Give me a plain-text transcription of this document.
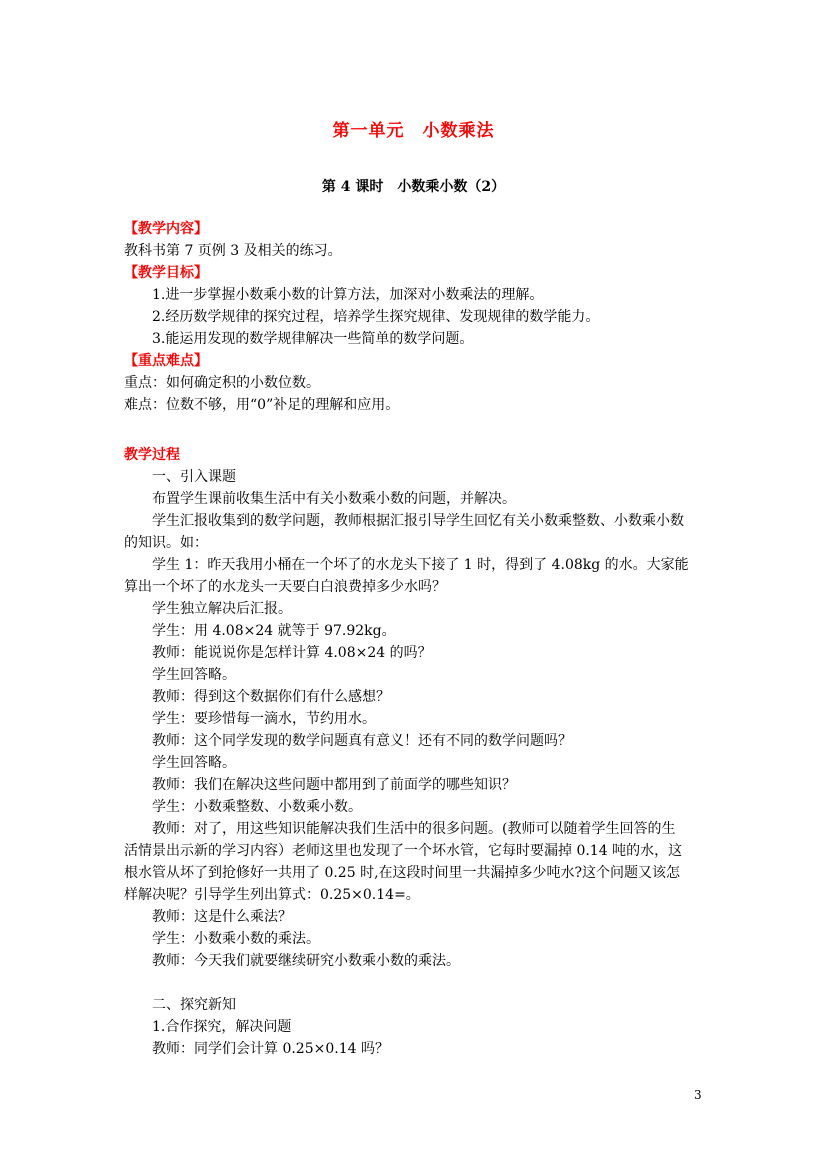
第一单元　小数乘法
第 4 课时　小数乘小数（2）
【教学内容】
教科书第 7 页例 3 及相关的练习。
【教学目标】
1.进一步掌握小数乘小数的计算方法，加深对小数乘法的理解。
2.经历数学规律的探究过程，培养学生探究规律、发现规律的数学能力。
3.能运用发现的数学规律解决一些简单的数学问题。
【重点难点】
重点：如何确定积的小数位数。
难点：位数不够，用“0”补足的理解和应用。
教学过程
一、引入课题
布置学生课前收集生活中有关小数乘小数的问题，并解决。
学生汇报收集到的数学问题，教师根据汇报引导学生回忆有关小数乘整数、小数乘小数
的知识。如：
学生 1：昨天我用小桶在一个坏了的水龙头下接了 1 时，得到了 4.08kg 的水。大家能
算出一个坏了的水龙头一天要白白浪费掉多少水吗？
学生独立解决后汇报。
学生：用 4.08×24 就等于 97.92kg。
教师：能说说你是怎样计算 4.08×24 的吗？
学生回答略。
教师：得到这个数据你们有什么感想？
学生：要珍惜每一滴水，节约用水。
教师：这个同学发现的数学问题真有意义！还有不同的数学问题吗？
学生回答略。
教师：我们在解决这些问题中都用到了前面学的哪些知识？
学生：小数乘整数、小数乘小数。
教师：对了，用这些知识能解决我们生活中的很多问题。(教师可以随着学生回答的生
活情景出示新的学习内容）老师这里也发现了一个坏水管，它每时要漏掉 0.14 吨的水，这
根水管从坏了到抢修好一共用了 0.25 时,在这段时间里一共漏掉多少吨水?这个问题又该怎
样解决呢？引导学生列出算式：0.25×0.14=。
教师：这是什么乘法？
学生：小数乘小数的乘法。
教师：今天我们就要继续研究小数乘小数的乘法。
二、探究新知
1.合作探究，解决问题
教师：同学们会计算 0.25×0.14 吗？
3
